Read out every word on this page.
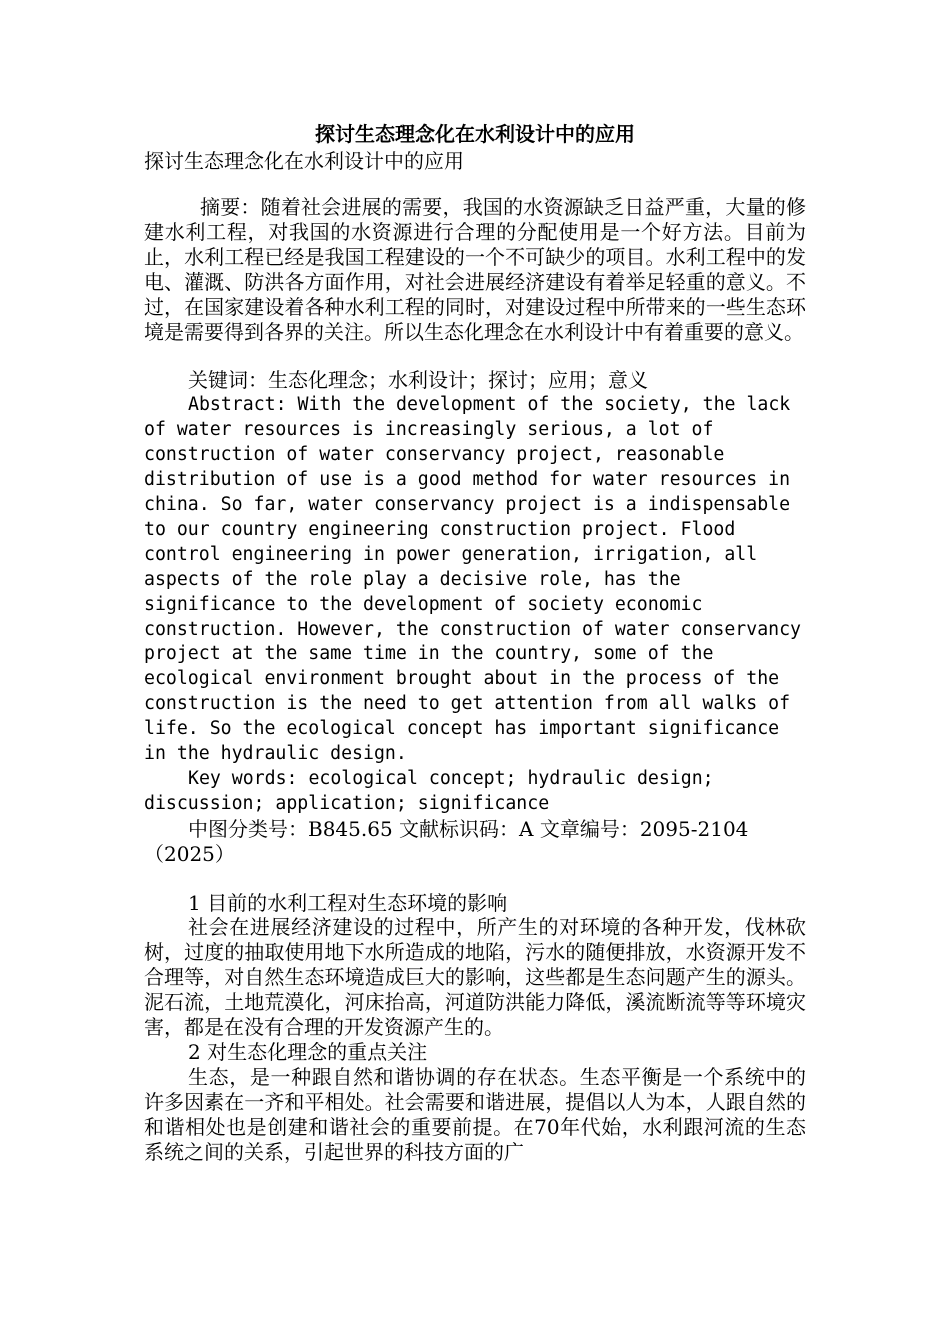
探讨生态理念化在水利设计中的应用

探讨生态理念化在水利设计中的应用

摘要：随着社会进展的需要，我国的水资源缺乏日益严重，大量的修建水利工程，对我国的水资源进行合理的分配使用是一个好方法。目前为止，水利工程已经是我国工程建设的一个不可缺少的项目。水利工程中的发电、灌溉、防洪各方面作用，对社会进展经济建设有着举足轻重的意义。不过，在国家建设着各种水利工程的同时，对建设过程中所带来的一些生态环境是需要得到各界的关注。所以生态化理念在水利设计中有着重要的意义。

关键词：生态化理念；水利设计；探讨；应用；意义

Abstract: With the development of the society, the lack of water resources is increasingly serious, a lot of construction of water conservancy project, reasonable distribution of use is a good method for water resources in china. So far, water conservancy project is a indispensable to our country engineering construction project. Flood control engineering in power generation, irrigation, all aspects of the role play a decisive role, has the significance to the development of society economic construction. However, the construction of water conservancy project at the same time in the country, some of the ecological environment brought about in the process of the construction is the need to get attention from all walks of life. So the ecological concept has important significance in the hydraulic design.

Key words: ecological concept; hydraulic design; discussion; application; significance

中图分类号：B845.65 文献标识码：A 文章编号：2095-2104（2025）

1 目前的水利工程对生态环境的影响

社会在进展经济建设的过程中，所产生的对环境的各种开发，伐林砍树，过度的抽取使用地下水所造成的地陷，污水的随便排放，水资源开发不合理等，对自然生态环境造成巨大的影响，这些都是生态问题产生的源头。泥石流，土地荒漠化，河床抬高，河道防洪能力降低，溪流断流等等环境灾害，都是在没有合理的开发资源产生的。

2 对生态化理念的重点关注

生态，是一种跟自然和谐协调的存在状态。生态平衡是一个系统中的许多因素在一齐和平相处。社会需要和谐进展，提倡以人为本，人跟自然的和谐相处也是创建和谐社会的重要前提。在70年代始，水利跟河流的生态系统之间的关系，引起世界的科技方面的广
